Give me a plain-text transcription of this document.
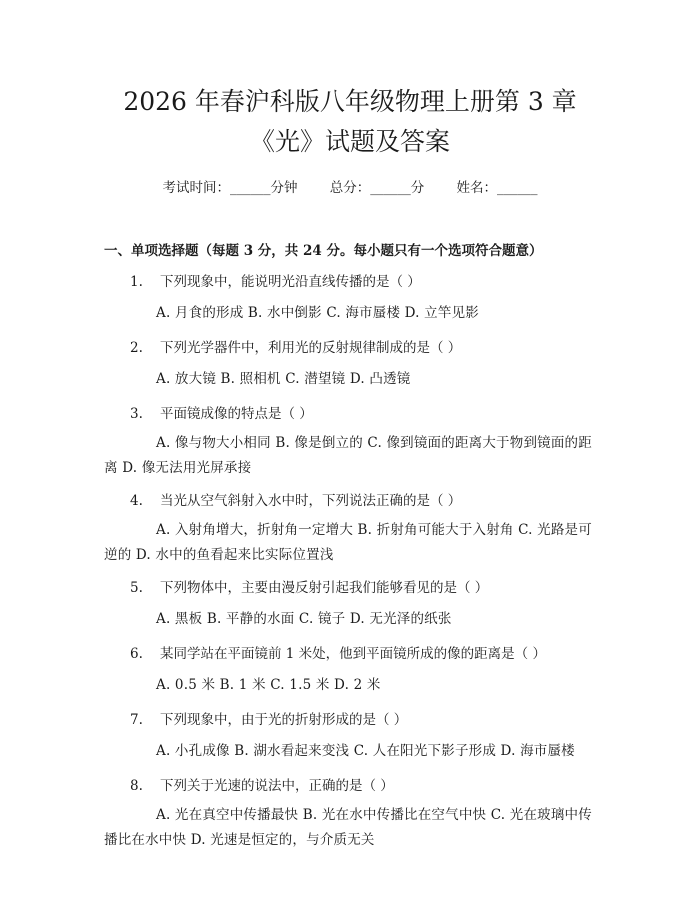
2026 年春沪科版八年级物理上册第 3 章
《光》试题及答案
考试时间：______分钟 总分：______分 姓名：______
一、单项选择题（每题 3 分，共 24 分。每小题只有一个选项符合题意）
1. 下列现象中，能说明光沿直线传播的是（ ）
A. 月食的形成 B. 水中倒影 C. 海市蜃楼 D. 立竿见影
2. 下列光学器件中，利用光的反射规律制成的是（ ）
A. 放大镜 B. 照相机 C. 潜望镜 D. 凸透镜
3. 平面镜成像的特点是（ ）
A. 像与物大小相同 B. 像是倒立的 C. 像到镜面的距离大于物到镜面的距离 D. 像无法用光屏承接
4. 当光从空气斜射入水中时，下列说法正确的是（ ）
A. 入射角增大，折射角一定增大 B. 折射角可能大于入射角 C. 光路是可逆的 D. 水中的鱼看起来比实际位置浅
5. 下列物体中，主要由漫反射引起我们能够看见的是（ ）
A. 黑板 B. 平静的水面 C. 镜子 D. 无光泽的纸张
6. 某同学站在平面镜前 1 米处，他到平面镜所成的像的距离是（ ）
A. 0.5 米 B. 1 米 C. 1.5 米 D. 2 米
7. 下列现象中，由于光的折射形成的是（ ）
A. 小孔成像 B. 湖水看起来变浅 C. 人在阳光下影子形成 D. 海市蜃楼
8. 下列关于光速的说法中，正确的是（ ）
A. 光在真空中传播最快 B. 光在水中传播比在空气中快 C. 光在玻璃中传播比在水中快 D. 光速是恒定的，与介质无关
